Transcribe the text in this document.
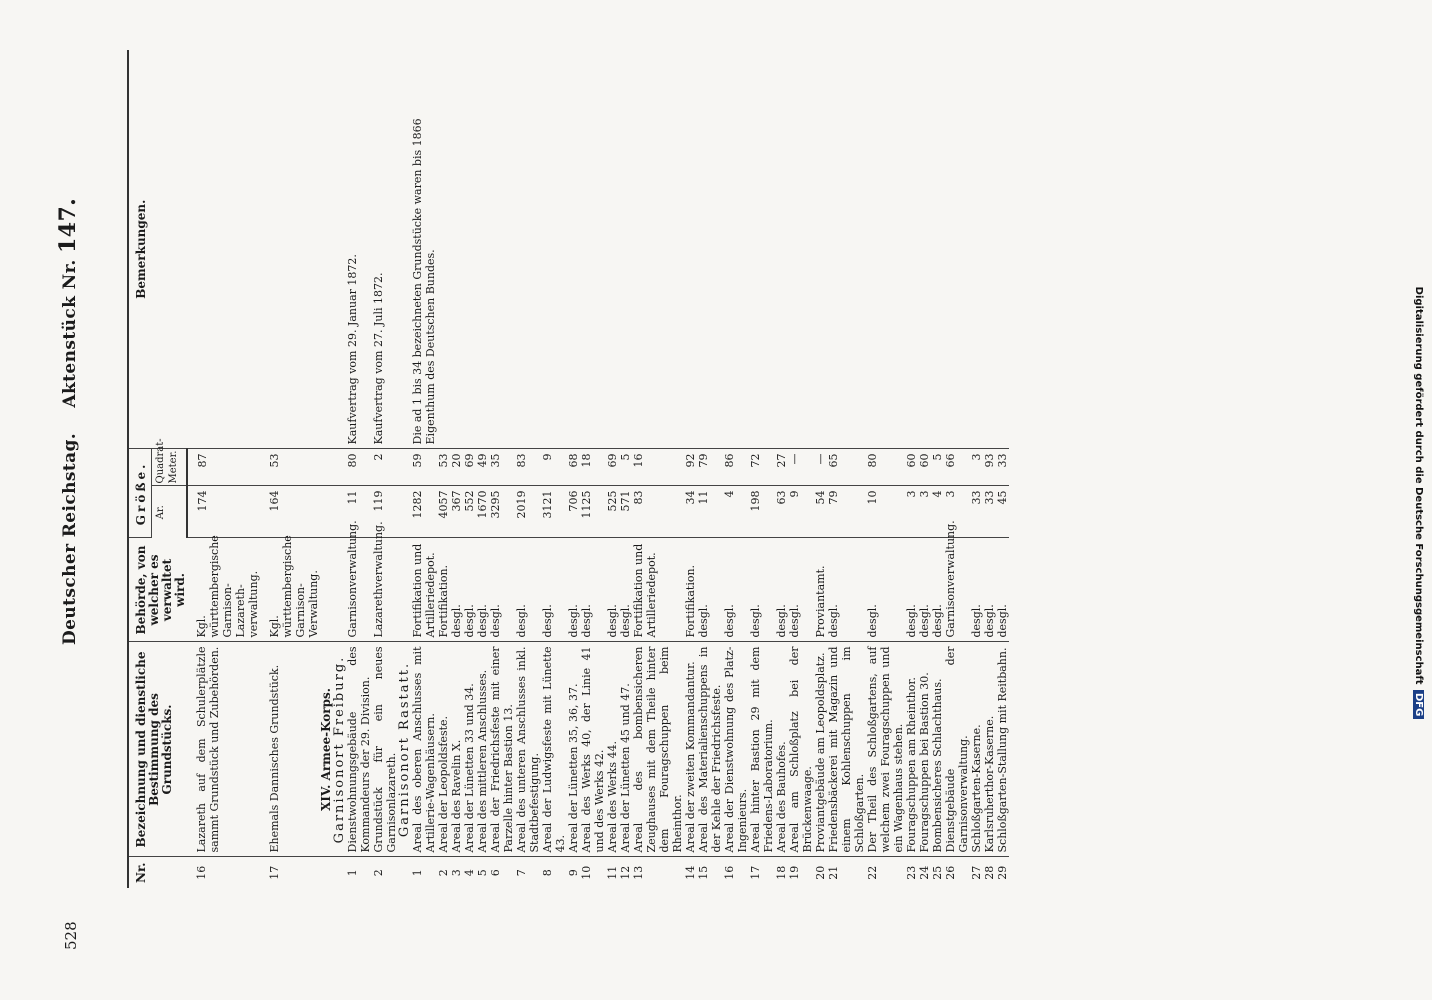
Digitalisierung gefördert durch die Deutsche Forschungsgemeinschaft DFG
528
Deutscher Reichstag.    Aktenstück Nr. 147.
Nr.	Bezeichnung und dienstliche Bestimmung des Grundstücks.	Behörde, von welcher es verwaltet wird.	Größe.		Bemerkungen.
			Ar.	Quadrat-Meter.	
16	Lazareth auf dem Schulerplätzle sammt Grundstück und Zubehörden.	Kgl. württembergische Garnison-Lazareth-verwaltung.	174	87	
17	Ehemals Dannisches Grundstück.	Kgl. württembergische Garnison-Verwaltung.	164	53	
	XIV. Armee-Korps.				
	Garnisonort Freiburg.				
1	Dienstwohnungsgebäude des Kommandeurs der 29. Division.	Garnisonverwaltung.	11	80	Kaufvertrag vom 29. Januar 1872.
2	Grundstück für ein neues Garnisonlazareth.	Lazarethverwaltung.	119	2	Kaufvertrag vom 27. Juli 1872.
	Garnisonort Rastatt.				
1	Areal des oberen Anschlusses mit Artillerie-Wagenhäusern.	Fortifikation und Artilleriedepot.	1282	59	Die ad 1 bis 34 bezeichneten Grundstücke waren bis 1866 Eigenthum des Deutschen Bundes.
2	Areal der Leopoldsfeste.	Fortifikation.	4057	53	
3	Areal des Ravelin X.	desgl.	367	20	
4	Areal der Lünetten 33 und 34.	desgl.	552	69	
5	Areal des mittleren Anschlusses.	desgl.	1670	49	
6	Areal der Friedrichsfeste mit einer Parzelle hinter Bastion 13.	desgl.	3295	35	
7	Areal des unteren Anschlusses inkl. Stadtbefestigung.	desgl.	2019	83	
8	Areal der Ludwigsfeste mit Lünette 43.	desgl.	3121	9	
9	Areal der Lünetten 35, 36, 37.	desgl.	706	68	
10	Areal des Werks 40, der Linie 41 und des Werks 42.	desgl.	1125	18	
11	Areal des Werks 44.	desgl.	525	69	
12	Areal der Lünetten 45 und 47.	desgl.	571	5	
13	Areal des bombensicheren Zeughauses mit dem Theile hinter dem Fouragschuppen beim Rheinthor.	Fortifikation und Artilleriedepot.	83	16	
14	Areal der zweiten Kommandantur.	Fortifikation.	34	92	
15	Areal des Materialienschuppens in der Kehle der Friedrichsfeste.	desgl.	11	79	
16	Areal der Dienstwohnung des Platz-Ingenieurs.	desgl.	4	86	
17	Areal hinter Bastion 29 mit dem Friedens-Laboratorium.	desgl.	198	72	
18	Areal des Bauhofes.	desgl.	63	27	
19	Areal am Schloßplatz bei der Brückenwaage.	desgl.	9	—	
20	Proviantgebäude am Leopoldsplatz.	Proviantamt.	54	—	
21	Friedensbäckerei mit Magazin und einem Kohlenschuppen im Schloßgarten.	desgl.	79	65	
22	Der Theil des Schloßgartens, auf welchem zwei Fouragschuppen und ein Wagenhaus stehen.	desgl.	10	80	
23	Fouragschuppen am Rheinthor.	desgl.	3	60	
24	Fouragschuppen bei Bastion 30.	desgl.	3	60	
25	Bombensicheres Schlachthaus.	desgl.	4	5	
26	Dienstgebäude der Garnisonverwaltung.	Garnisonverwaltung.	3	66	
27	Schloßgarten-Kaserne.	desgl.	33	3	
28	Karlsruherthor-Kaserne.	desgl.	33	93	
29	Schloßgarten-Stallung mit Reitbahn.	desgl.	45	33	
